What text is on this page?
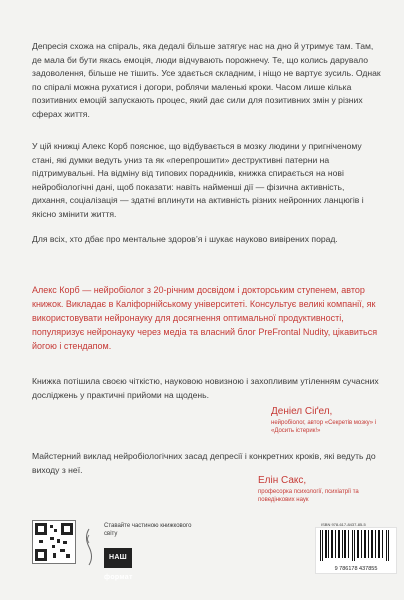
Депресія схожа на спіраль, яка дедалі більше затягує нас на дно й утримує там. Там, де мала би бути якась емоція, люди відчувають порожнечу. Те, що колись дарувало задоволення, більше не тішить. Усе здається складним, і ніщо не вартує зусиль. Однак по спіралі можна рухатися і догори, роблячи маленькі кроки. Часом лише кілька позитивних емоцій запускають процес, який дає сили для позитивних змін у різних сферах життя.

У цій книжці Алекс Корб пояснює, що відбувається в мозку людини у пригніченому стані, які думки ведуть униз та як «перепрошити» деструктивні патерни на підтримувальні. На відміну від типових порадників, книжка спирається на нові нейробіологічні дані, щоб показати: навіть найменші дії — фізична активність, дихання, соціалізація — здатні вплинути на активність різних нейронних ланцюгів і якісно змінити життя.

Для всіх, хто дбає про ментальне здоров’я і шукає науково вивірених порад.

Алекс Корб — нейробіолог з 20-річним досвідом і докторським ступенем, автор книжок. Викладає в Каліфорнійському університеті. Консультує великі компанії, як використовувати нейронауку для досягнення оптимальної продуктивності, популяризує нейронауку через медіа та власний блог PreFrontal Nudity, цікавиться йогою і стендапом.

Книжка потішила своєю чіткістю, науковою новизною і захопливим утіленням сучасних досліджень у практичні прийоми на щодень.

Деніел Сіґел,
нейробіолог, автор «Секретів мозку» і «Досить істерик!»

Майстерний виклад нейробіологічних засад депресії і конкретних кроків, які ведуть до виходу з неї.

Елін Сакс,
професорка психології, психіатрії та поведінкових наук
Ставайте частиною книжкового світу
НАШ формат
ISBN 978-617-8437-85-5
9 786178 437855
